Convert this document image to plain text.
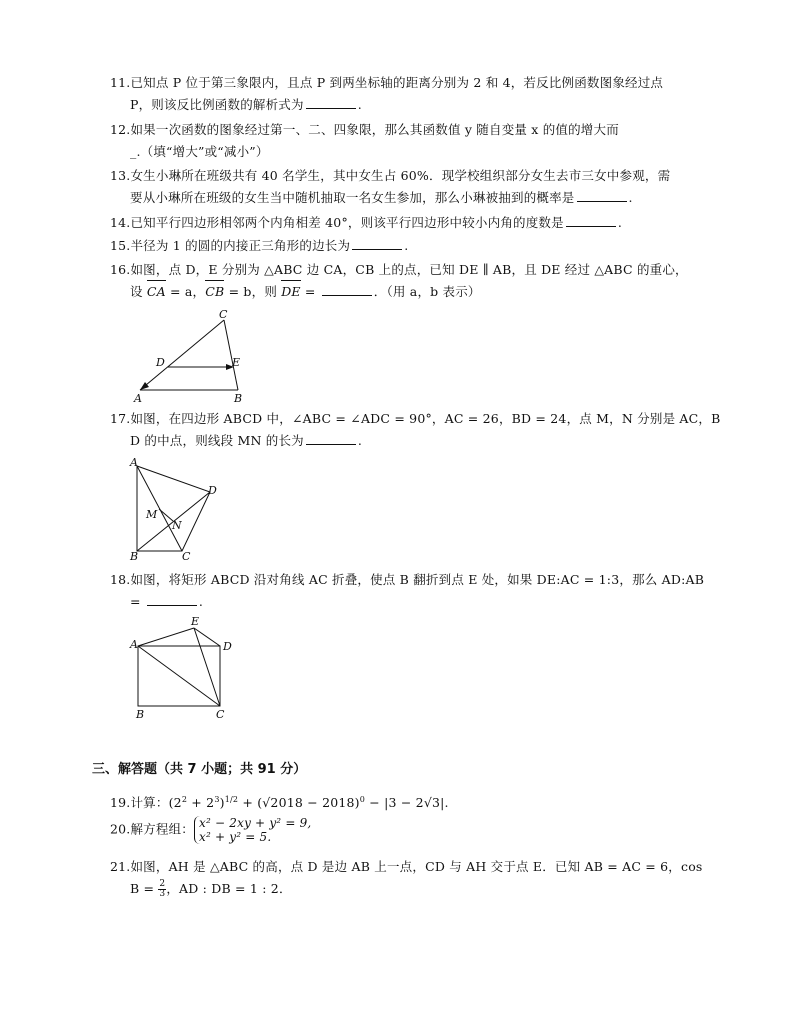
11.已知点 P 位于第三象限内，且点 P 到两坐标轴的距离分别为 2 和 4，若反比例函数图象经过点
P，则该反比例函数的解析式为	.
12.如果一次函数的图象经过第一、二、四象限，那么其函数值 y 随自变量 x 的值的增大而
_.（填“增大”或“减小”）
13.女生小琳所在班级共有 40 名学生，其中女生占 60%．现学校组织部分女生去市三女中参观，需
要从小琳所在班级的女生当中随机抽取一名女生参加，那么小琳被抽到的概率是	.
14.已知平行四边形相邻两个内角相差 40°，则该平行四边形中较小内角的度数是	.
15.半径为 1 的圆的内接正三角形的边长为	.
16.如图，点 D，E 分别为 △ABC 边 CA，CB 上的点，已知 DE ∥ AB，且 DE 经过 △ABC 的重心，
设 CA = a，CB = b，则 DE =	．（用 a，b 表示）
C
D	E
A	B
17.如图，在四边形 ABCD 中，∠ABC = ∠ADC = 90°，AC = 26，BD = 24，点 M，N 分别是 AC，B
D 的中点，则线段 MN 的长为	.
A
D
M
N
B	C
18.如图，将矩形 ABCD 沿对角线 AC 折叠，使点 B 翻折到点 E 处，如果 DE:AC = 1:3，那么 AD:AB
=	.
E
A	D
B	C
三、解答题（共 7 小题；共 91 分）
19.计算：$(2^2 + 2^3)^{1/2} + (√2018 - 2018)^0 - |3 - 2√3|$.
20.解方程组： x² − 2xy + y² = 9,
x² + y² = 5.
21.如图，AH 是 △ABC 的高，点 D 是边 AB 上一点，CD 与 AH 交于点 E．已知 AB = AC = 6，cos
$B = \frac{2}{3}$ ，AD : DB = 1 : 2．
